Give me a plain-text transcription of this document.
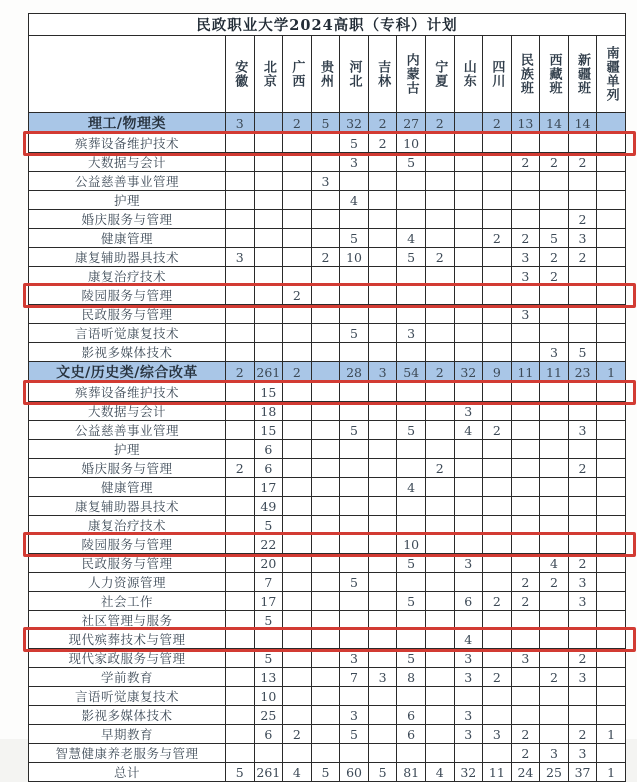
民政职业大学2024高职（专科）计划														

	安徽	北京	广西	贵州	河北	吉林	内蒙古	宁夏	山东	四川	民族班	西藏班	新疆班	南疆单列

理工/物理类	3		2	5	32	2	27	2		2	13	14	14	
殡葬设备维护技术					5	2	10							
大数据与会计					3		5				2	2	2	
公益慈善事业管理				3										
护理					4									
婚庆服务与管理													2	
健康管理					5		4			2	2	5	3	
康复辅助器具技术	3			2	10		5	2			3	2	2	
康复治疗技术											3	2		
陵园服务与管理			2											
民政服务与管理											3			
言语听觉康复技术					5		3							
影视多媒体技术												3	5	
文史/历史类/综合改革	2	261	2		28	3	54	2	32	9	11	11	23	1
殡葬设备维护技术		15												
大数据与会计		18							3					
公益慈善事业管理		15			5		5		4	2			3	
护理		6												
婚庆服务与管理	2	6						2					2	
健康管理		17					4							
康复辅助器具技术		49												
康复治疗技术		5												
陵园服务与管理		22					10							
民政服务与管理		20					5		3			4	2	
人力资源管理		7			5						2	2	3	
社会工作		17					5		6	2	2		3	
社区管理与服务		5												
现代殡葬技术与管理									4					
现代家政服务与管理		5			3		5		3		3		2	
学前教育		13			7	3	8		3	2		2	3	
言语听觉康复技术		10												
影视多媒体技术		25			3		6		3					
早期教育		6	2		5		6		3	3	2		2	1
智慧健康养老服务与管理											2	3	3	
总计	5	261	4	5	60	5	81	4	32	11	24	25	37	1
